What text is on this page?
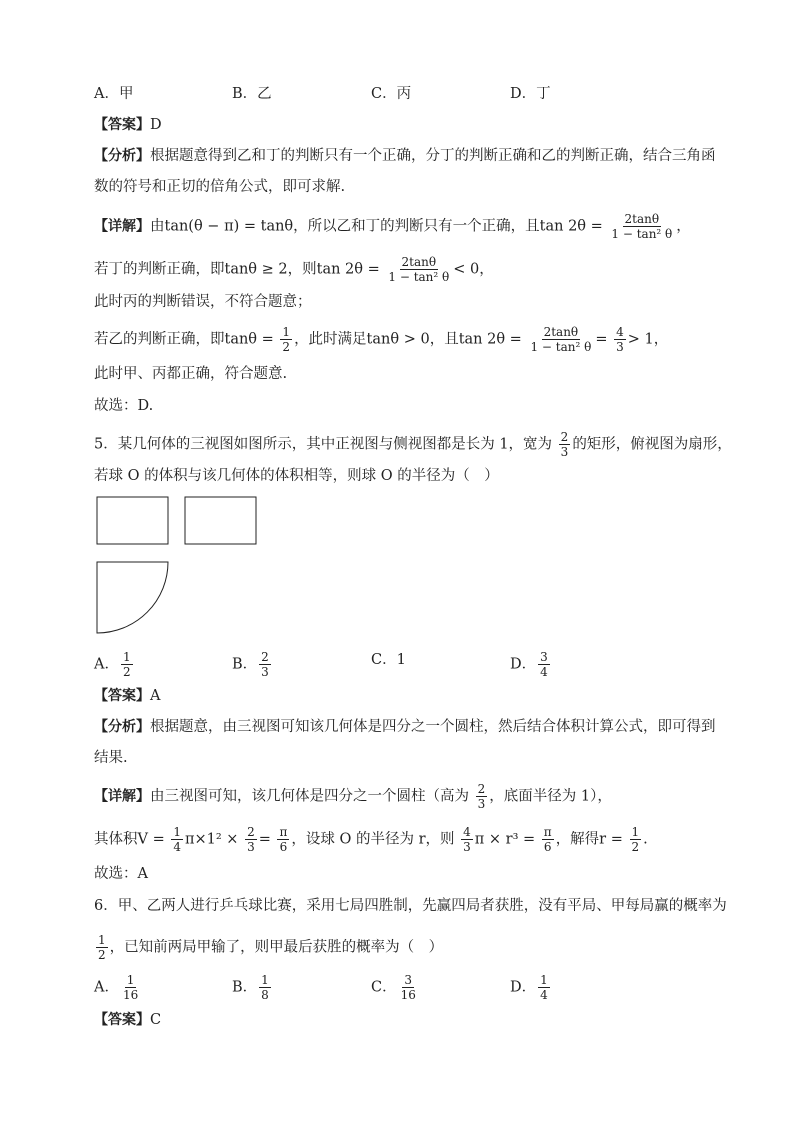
A．甲	B．乙	C．丙	D．丁
【答案】D
【分析】根据题意得到乙和丁的判断只有一个正确，分丁的判断正确和乙的判断正确，结合三角函
数的符号和正切的倍角公式，即可求解.
【详解】由tan(θ − π) = tanθ，所以乙和丁的判断只有一个正确，且$\tan 2\theta = \frac{2\tan\theta}{\text{1 − tan² θ}}$ ，
若丁的判断正确，即tanθ ≥ 2，则$\tan 2\theta = \frac{2\tan\theta}{\text{1 − tan² θ}} < 0$，
此时丙的判断错误，不符合题意；
若乙的判断正确，即$\tan\theta = \frac{1}{2}$ ，此时满足tanθ > 0，且$\tan 2\theta = \frac{2\tan\theta}{\text{1 − tan² θ}} = \frac{4}{3} > 1$，
此时甲、丙都正确，符合题意.
故选：D.
5．某几何体的三视图如图所示，其中正视图与侧视图都是长为 1，宽为 $\frac{2}{3}$ 的矩形，俯视图为扇形，
若球 O 的体积与该几何体的体积相等，则球 O 的半径为（　）
A． $\frac{1}{2}$	B． $\frac{2}{3}$	C．1	D． $\frac{3}{4}$
【答案】A
【分析】根据题意，由三视图可知该几何体是四分之一个圆柱，然后结合体积计算公式，即可得到
结果.
【详解】由三视图可知，该几何体是四分之一个圆柱（高为 $\frac{2}{3}$ ，底面半径为 1），
其体积$V = \frac{1}{4} \pi\times 1^2 \times \frac{2}{3} = \frac{\pi}{6}$ ，设球 O 的半径为 r，则 $\frac{4}{3}$ $\pi \times r^3 = \frac{\pi}{6}$ ，解得$r = \frac{1}{2}$ .
故选：A
6．甲、乙两人进行乒乓球比赛，采用七局四胜制，先赢四局者获胜，没有平局、甲每局赢的概率为
$\frac{1}{2}$ ，已知前两局甲输了，则甲最后获胜的概率为（　）
A． $\frac{1}{16}$	B． $\frac{1}{8}$	C． $\frac{3}{16}$	D． $\frac{1}{4}$
【答案】C
